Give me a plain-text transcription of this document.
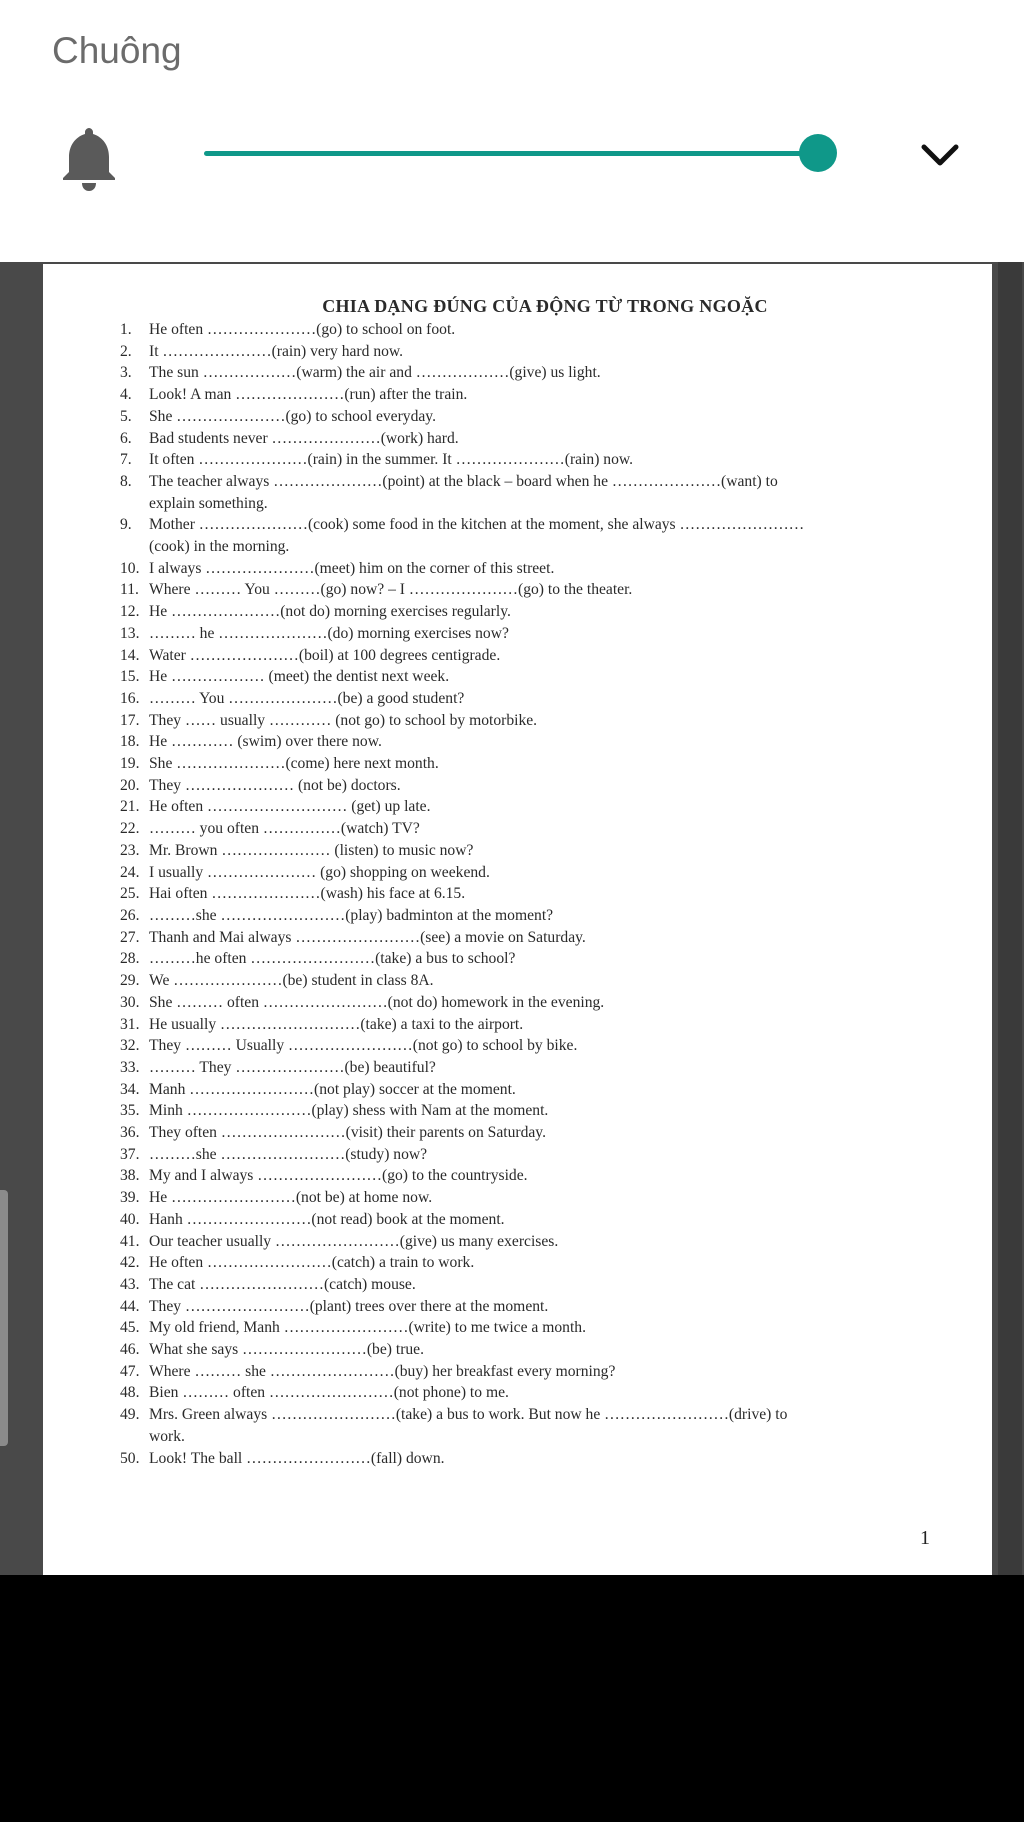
Chuông
CHIA DẠNG ĐÚNG CỦA ĐỘNG TỪ TRONG NGOẶC
1.	He often …………………(go) to school on foot.
2.	It …………………(rain) very hard now.
3.	The sun ………………(warm) the air and ………………(give) us light.
4.	Look! A man …………………(run) after the train.
5.	She …………………(go) to school everyday.
6.	Bad students never …………………(work) hard.
7.	It often …………………(rain) in the summer. It …………………(rain) now.
8.	The teacher always …………………(point) at the black – board when he …………………(want) to
explain something.
9.	Mother …………………(cook) some food in the kitchen at the moment, she always ……………………
(cook) in the morning.
10. I always …………………(meet) him on the corner of this street.
11. Where ……… You ………(go) now? – I …………………(go) to the theater.
12. He …………………(not do) morning exercises regularly.
13. ……… he …………………(do) morning exercises now?
14. Water …………………(boil) at 100 degrees centigrade.
15. He ……………… (meet) the dentist next week.
16. ……… You …………………(be) a good student?
17. They …… usually ………… (not go) to school by motorbike.
18. He ………… (swim) over there now.
19. She …………………(come) here next month.
20. They ………………… (not be) doctors.
21. He often ……………………… (get) up late.
22. ……… you often ……………(watch) TV?
23. Mr. Brown ………………… (listen) to music now?
24. I usually ………………… (go) shopping on weekend.
25. Hai often …………………(wash) his face at 6.15.
26. ………she ……………………(play) badminton at the moment?
27. Thanh and Mai always ……………………(see) a movie on Saturday.
28. ………he often ……………………(take) a bus to school?
29. We …………………(be) student in class 8A.
30. She ……… often ……………………(not do) homework in the evening.
31. He usually ………………………(take) a taxi to the airport.
32. They ……… Usually ……………………(not go) to school by bike.
33. ……… They …………………(be) beautiful?
34. Manh ……………………(not play) soccer at the moment.
35. Minh ……………………(play) shess with Nam at the moment.
36. They often ……………………(visit) their parents on Saturday.
37. ………she ……………………(study) now?
38. My and I always ……………………(go) to the countryside.
39. He ……………………(not be) at home now.
40. Hanh ……………………(not read) book at the moment.
41. Our teacher usually ……………………(give) us many exercises.
42. He often ……………………(catch) a train to work.
43. The cat ……………………(catch) mouse.
44. They ……………………(plant) trees over there at the moment.
45. My old friend, Manh ……………………(write) to me twice a month.
46. What she says ……………………(be) true.
47. Where ……… she ……………………(buy) her breakfast every morning?
48. Bien ……… often ……………………(not phone) to me.
49. Mrs. Green always ……………………(take) a bus to work. But now he ……………………(drive) to
work.
50. Look! The ball ……………………(fall) down.
1
